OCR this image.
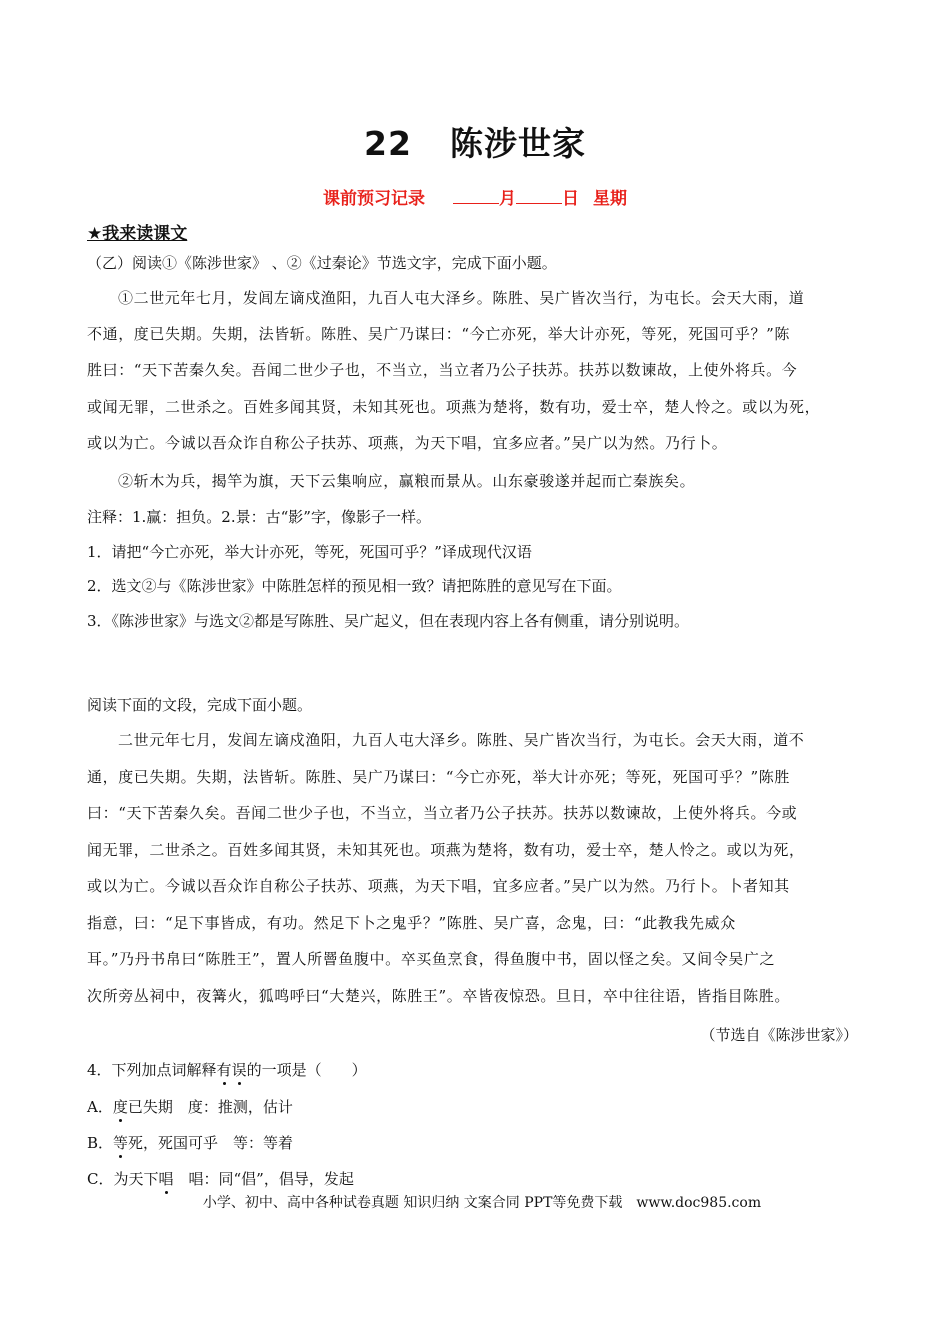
22 陈涉世家
课前预习记录	月	日 星期
★我来读课文
（乙）阅读①《陈涉世家》 、②《过秦论》节选文字，完成下面小题。

①二世元年七月，发闾左谪戍渔阳，九百人屯大泽乡。陈胜、吴广皆次当行，为屯长。会天大雨，道

不通，度已失期。失期，法皆斩。陈胜、吴广乃谋曰：“今亡亦死，举大计亦死，等死，死国可乎？”陈

胜曰：“天下苦秦久矣。吾闻二世少子也，不当立，当立者乃公子扶苏。扶苏以数谏故，上使外将兵。今

或闻无罪，二世杀之。百姓多闻其贤，未知其死也。项燕为楚将，数有功，爱士卒，楚人怜之。或以为死，

或以为亡。今诚以吾众诈自称公子扶苏、项燕，为天下唱，宜多应者。”吴广以为然。乃行卜。

②斩木为兵，揭竿为旗，天下云集响应，赢粮而景从。山东豪骏遂并起而亡秦族矣。
注释：1.赢：担负。2.景：古“影”字，像影子一样。
1．请把“今亡亦死，举大计亦死，等死，死国可乎？”译成现代汉语
2．选文②与《陈涉世家》中陈胜怎样的预见相一致？请把陈胜的意见写在下面。
3．《陈涉世家》与选文②都是写陈胜、吴广起义，但在表现内容上各有侧重，请分别说明。
阅读下面的文段，完成下面小题。

二世元年七月，发闾左谪戍渔阳，九百人屯大泽乡。陈胜、吴广皆次当行，为屯长。会天大雨，道不

通，度已失期。失期，法皆斩。陈胜、吴广乃谋曰：“今亡亦死，举大计亦死；等死，死国可乎？”陈胜

曰：“天下苦秦久矣。吾闻二世少子也，不当立，当立者乃公子扶苏。扶苏以数谏故，上使外将兵。今或

闻无罪，二世杀之。百姓多闻其贤，未知其死也。项燕为楚将，数有功，爱士卒，楚人怜之。或以为死，

或以为亡。今诚以吾众诈自称公子扶苏、项燕，为天下唱，宜多应者。”吴广以为然。乃行卜。卜者知其

指意，曰：“足下事皆成，有功。然足下卜之鬼乎？”陈胜、吴广喜，念鬼，曰：“此教我先威众

耳。”乃丹书帛曰“陈胜王”，置人所罾鱼腹中。卒买鱼烹食，得鱼腹中书，固以怪之矣。又间令吴广之

次所旁丛祠中，夜篝火，狐鸣呼曰“大楚兴，陈胜王”。卒皆夜惊恐。旦日，卒中往往语，皆指目陈胜。

（节选自《陈涉世家》）
4．下列加点词解释有误的一项是（　　）
A．度已失期　度：推测，估计
B．等死，死国可乎　等：等着
C．为天下唱　唱：同“倡”，倡导，发起
小学、初中、高中各种试卷真题 知识归纳 文案合同 PPT等免费下载　www.doc985.com
